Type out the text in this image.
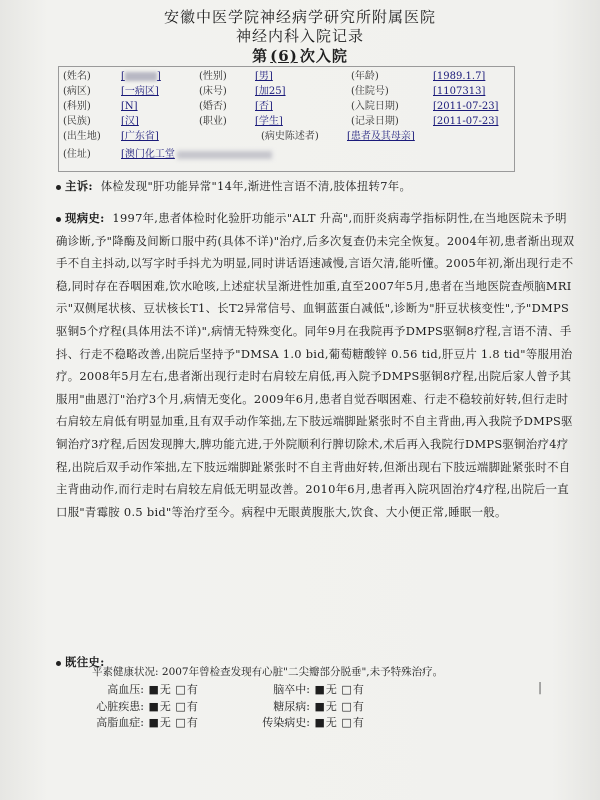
安徽中医学院神经病学研究所附属医院
神经内科入院记录
第 (6) 次入院
(姓名)	[	]	(性别)	[男]	(年龄)	[1989.1.7]
(病区)	[一病区]	(床号)	[加25]	(住院号)	[1107313]
(科别)	[N]	(婚否)	[否]	(入院日期)	[2011-07-23]
(民族)	[汉]	(职业)	[学生]	(记录日期)	[2011-07-23]
(出生地) [广东省]	(病史陈述者)	[患者及其母亲]
(住址)	[澳门化工堂
主诉: 体检发现"肝功能异常"14年,渐进性言语不清,肢体扭转7年。
现病史: 1997年,患者体检时化验肝功能示"ALT 升高",而肝炎病毒学指标阴性,在当地医院未予明确诊断,予"降酶及间断口服中药(具体不详)"治疗,后多次复查仍未完全恢复。2004年初,患者渐出现双手不自主抖动,以写字时手抖尤为明显,同时讲话语速减慢,言语欠清,能听懂。2005年初,渐出现行走不稳,同时存在吞咽困难,饮水呛咳,上述症状呈渐进性加重,直至2007年5月,患者在当地医院查颅脑MRI示"双侧尾状核、豆状核长T1、长T2异常信号、血铜蓝蛋白减低",诊断为"肝豆状核变性",予"DMPS驱铜5个疗程(具体用法不详)",病情无特殊变化。同年9月在我院再予DMPS驱铜8疗程,言语不清、手抖、行走不稳略改善,出院后坚持予"DMSA 1.0 bid,葡萄糖酸锌 0.56 tid,肝豆片 1.8 tid"等服用治疗。2008年5月左右,患者渐出现行走时右肩较左肩低,再入院予DMPS驱铜8疗程,出院后家人曾予其服用"曲恩汀"治疗3个月,病情无变化。2009年6月,患者自觉吞咽困难、行走不稳较前好转,但行走时右肩较左肩低有明显加重,且有双手动作笨拙,左下肢远端脚趾紧张时不自主背曲,再入我院予DMPS驱铜治疗3疗程,后因发现脾大,脾功能亢进,于外院顺利行脾切除术,术后再入我院行DMPS驱铜治疗4疗程,出院后双手动作笨拙,左下肢远端脚趾紧张时不自主背曲好转,但渐出现右下肢远端脚趾紧张时不自主背曲动作,而行走时右肩较左肩低无明显改善。2010年6月,患者再入院巩固治疗4疗程,出院后一直口服"青霉胺 0.5 bid"等治疗至今。病程中无眼黄腹胀大,饮食、大小便正常,睡眠一般。
既往史:
平素健康状况: 2007年曾检查发现有心脏"二尖瓣部分脱垂",未予特殊治疗。
高血压: ■无 □有	脑卒中: ■无 □有
心脏疾患: ■无 □有	糖尿病: ■无 □有
高脂血症: ■无 □有	传染病史: ■无 □有
|
